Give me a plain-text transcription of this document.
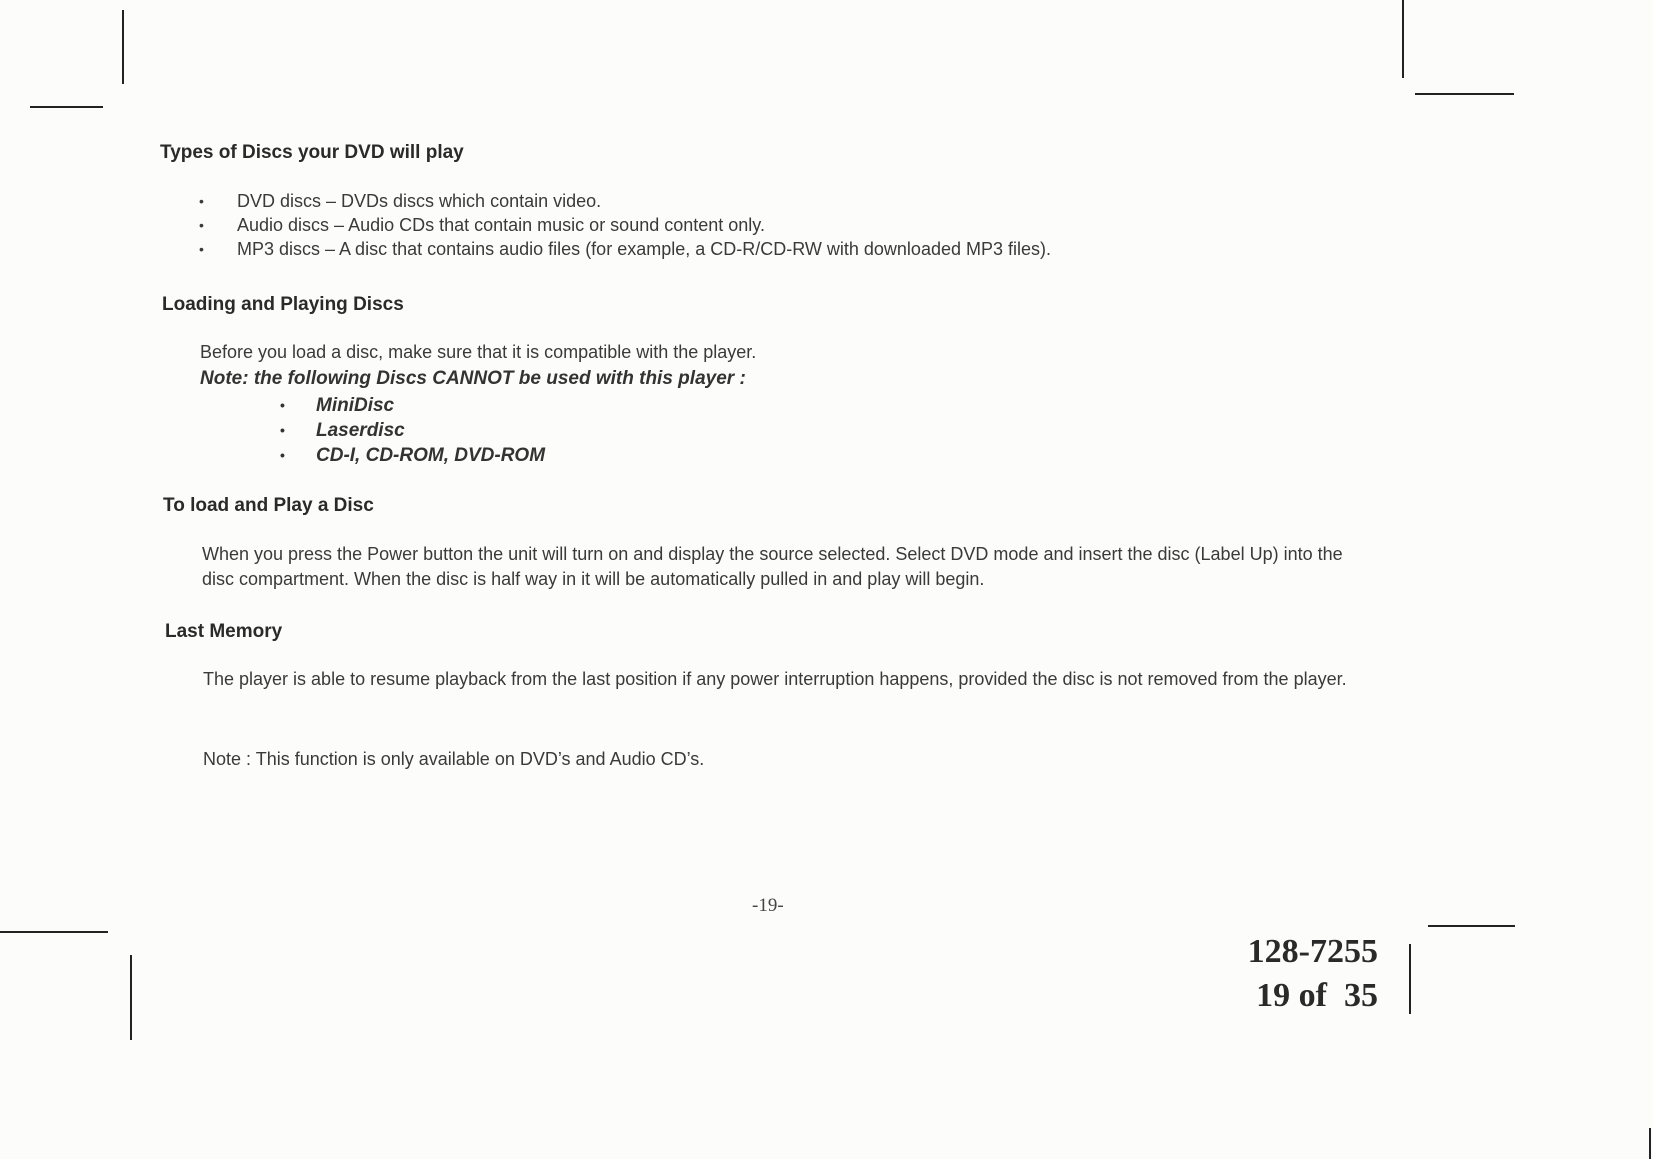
Types of Discs your DVD will play
• DVD discs – DVDs discs which contain video.
• Audio discs – Audio CDs that contain music or sound content only.
• MP3 discs – A disc that contains audio files (for example, a CD-R/CD-RW with downloaded MP3 files).
Loading and Playing Discs

Before you load a disc, make sure that it is compatible with the player.

Note: the following Discs CANNOT be used with this player :

• MiniDisc
• Laserdisc
• CD-I, CD-ROM, DVD-ROM
To load and Play a Disc

When you press the Power button the unit will turn on and display the source selected. Select DVD mode and insert the disc (Label Up) into the disc compartment. When the disc is half way in it will be automatically pulled in and play will begin.

Last Memory

The player is able to resume playback from the last position if any power interruption happens, provided the disc is not removed from the player.

Note : This function is only available on DVD’s and Audio CD’s.

-19-
128-7255
19 of  35
